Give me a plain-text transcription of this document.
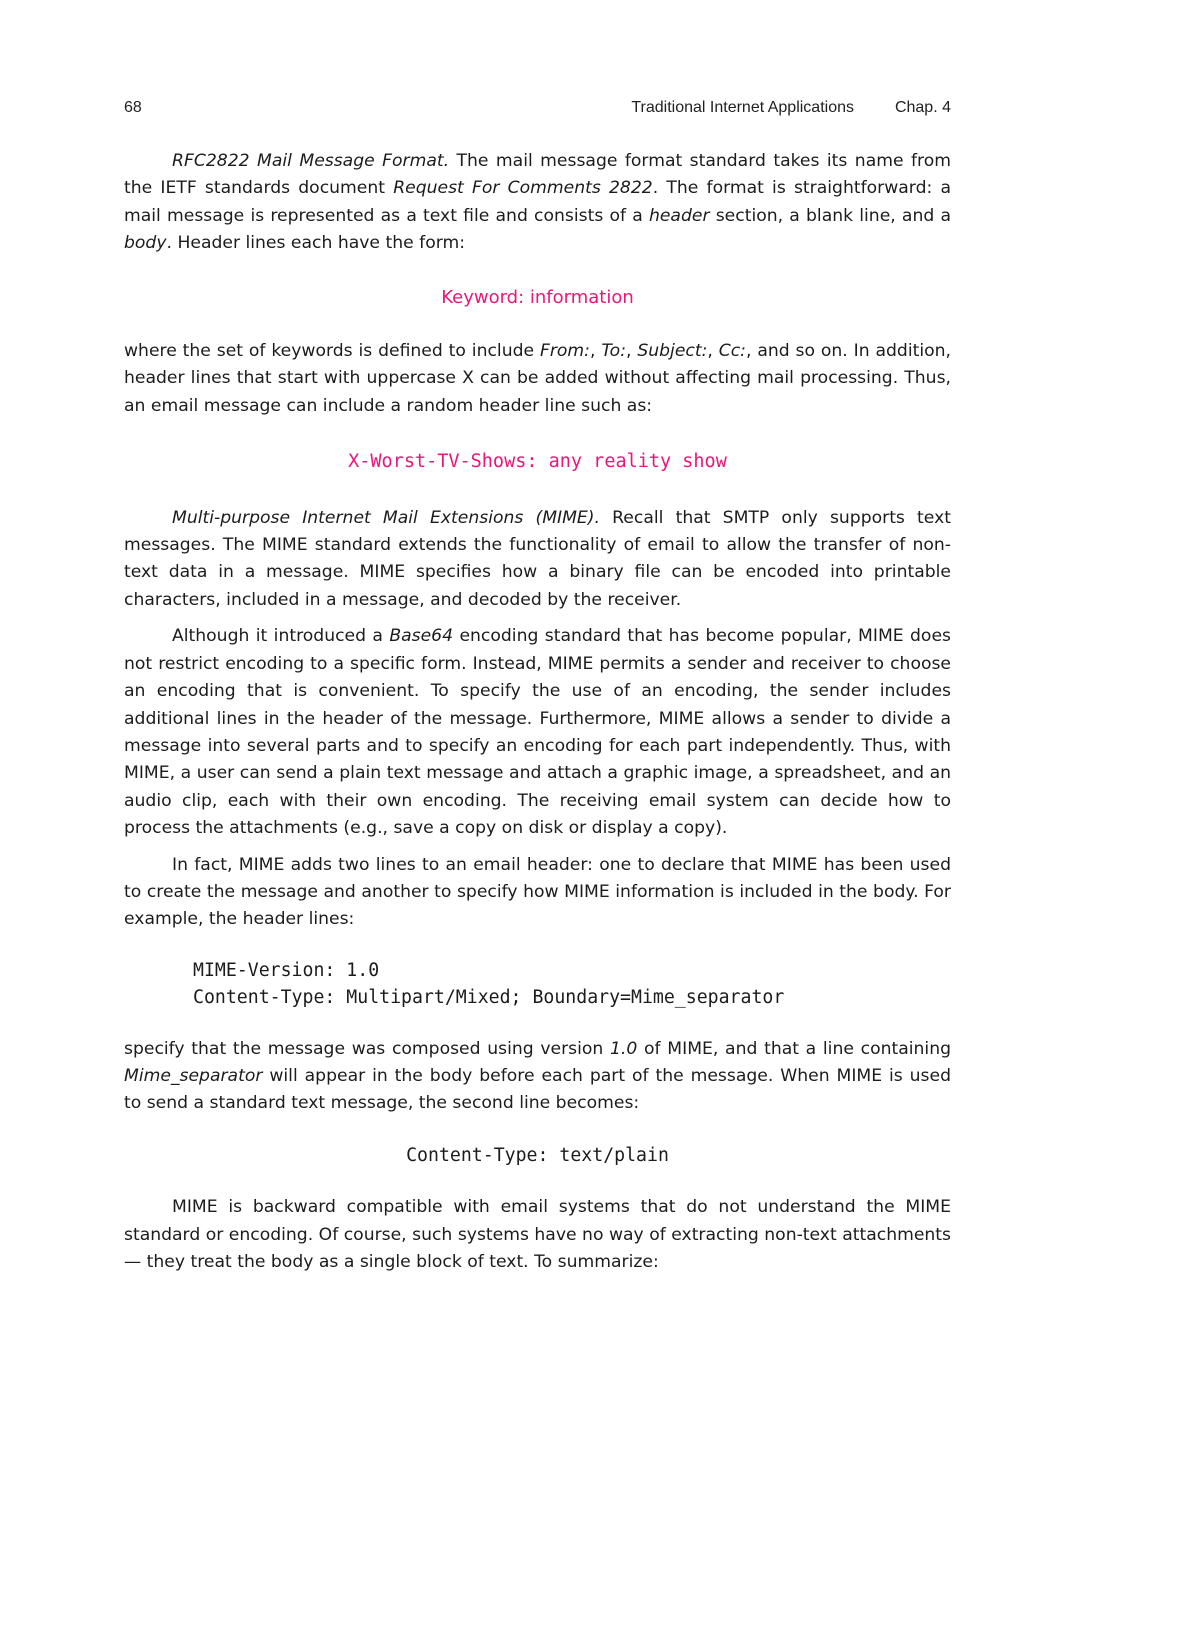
68	Traditional Internet Applications	Chap. 4

RFC2822 Mail Message Format. The mail message format standard takes its name from the IETF standards document Request For Comments 2822. The format is straightforward: a mail message is represented as a text file and consists of a header section, a blank line, and a body. Header lines each have the form:

Keyword: information

where the set of keywords is defined to include From:, To:, Subject:, Cc:, and so on. In addition, header lines that start with uppercase X can be added without affecting mail processing. Thus, an email message can include a random header line such as:

X-Worst-TV-Shows: any reality show

Multi-purpose Internet Mail Extensions (MIME). Recall that SMTP only supports text messages. The MIME standard extends the functionality of email to allow the transfer of non-text data in a message. MIME specifies how a binary file can be encoded into printable characters, included in a message, and decoded by the receiver.

Although it introduced a Base64 encoding standard that has become popular, MIME does not restrict encoding to a specific form. Instead, MIME permits a sender and receiver to choose an encoding that is convenient. To specify the use of an encoding, the sender includes additional lines in the header of the message. Furthermore, MIME allows a sender to divide a message into several parts and to specify an encoding for each part independently. Thus, with MIME, a user can send a plain text message and attach a graphic image, a spreadsheet, and an audio clip, each with their own encoding. The receiving email system can decide how to process the attachments (e.g., save a copy on disk or display a copy).

In fact, MIME adds two lines to an email header: one to declare that MIME has been used to create the message and another to specify how MIME information is included in the body. For example, the header lines:

MIME-Version: 1.0
Content-Type: Multipart/Mixed; Boundary=Mime_separator

specify that the message was composed using version 1.0 of MIME, and that a line containing Mime_separator will appear in the body before each part of the message. When MIME is used to send a standard text message, the second line becomes:

Content-Type: text/plain

MIME is backward compatible with email systems that do not understand the MIME standard or encoding. Of course, such systems have no way of extracting non-text attachments — they treat the body as a single block of text. To summarize:
